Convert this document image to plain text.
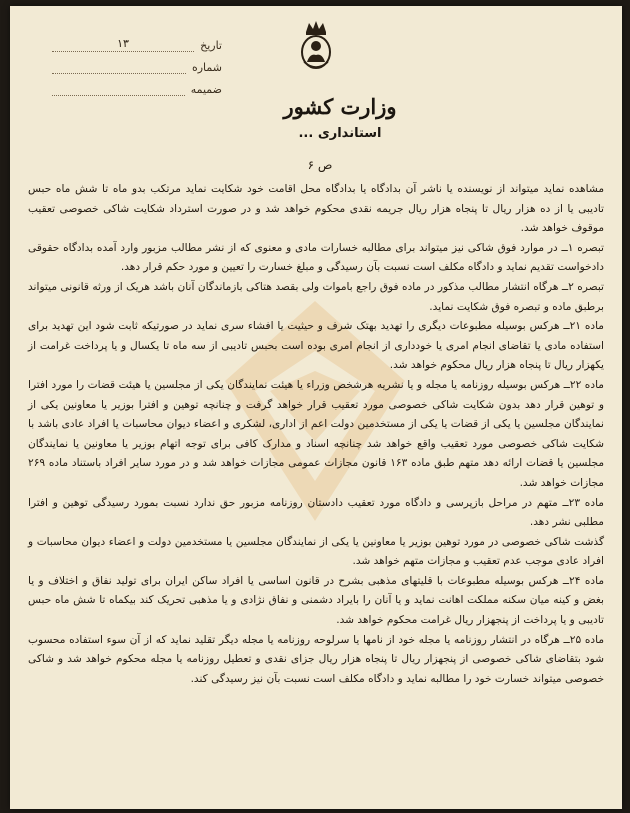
تاریخ
۱۳
شماره
ضمیمه
وزارت کشور
استانداری ...
ص ۶

مشاهده نماید میتواند از نویسنده یا ناشر آن بدادگاه یا بدادگاه محل اقامت خود شکایت نماید مرتکب بدو ماه تا شش ماه حبس تادیبی یا از ده هزار ریال تا پنجاه هزار ریال جریمه نقدی محکوم خواهد شد و در صورت استرداد شکایت شاکی خصوصی تعقیب موقوف خواهد شد.

تبصره ۱ــ در موارد فوق شاکی نیز میتواند برای مطالبه خسارات مادی و معنوی که از نشر مطالب مزبور وارد آمده بدادگاه حقوقی دادخواست تقدیم نماید و دادگاه مکلف است نسبت بآن رسیدگی و مبلغ خسارت را تعیین و مورد حکم قرار دهد.

تبصره ۲ــ هرگاه انتشار مطالب مذکور در ماده فوق راجع باموات ولی بقصد هتاکی بازماندگان آنان باشد هریک از ورثه قانونی میتواند برطبق ماده و تبصره فوق شکایت نماید.

ماده ۲۱ــ هرکس بوسیله مطبوعات دیگری را تهدید بهتک شرف و حیثیت یا افشاء سری نماید در صورتیکه ثابت شود این تهدید برای استفاده مادی یا تقاضای انجام امری یا خودداری از انجام امری بوده است بحبس تادیبی از سه ماه تا یکسال و یا پرداخت غرامت از یکهزار ریال تا پنجاه هزار ریال محکوم خواهد شد.

ماده ۲۲ــ هرکس بوسیله روزنامه یا مجله و یا نشریه هرشخص وزراء یا هیئت نمایندگان یکی از مجلسین یا هیئت قضات را مورد افترا و توهین قرار دهد بدون شکایت شاکی خصوصی مورد تعقیب قرار خواهد گرفت و چنانچه توهین و افترا بوزیر یا معاونین یکی از نمایندگان مجلسین یا یکی از قضات یا یکی از مستخدمین دولت اعم از اداری، لشکری و اعضاء دیوان محاسبات یا افراد عادی باشد با شکایت شاکی خصوصی مورد تعقیب واقع خواهد شد چنانچه اسناد و مدارک کافی برای توجه اتهام بوزیر یا معاونین یا نمایندگان مجلسین یا قضات ارائه دهد متهم طبق ماده ۱۶۳ قانون مجازات عمومی مجازات خواهد شد و در مورد سایر افراد باستناد ماده ۲۶۹ مجازات خواهد شد.

ماده ۲۳ــ متهم در مراحل بازپرسی و دادگاه مورد تعقیب دادستان روزنامه مزبور حق ندارد نسبت بمورد رسیدگی توهین و افترا مطلبی نشر دهد.

گذشت شاکی خصوصی در مورد توهین بوزیر یا معاونین یا یکی از نمایندگان مجلسین یا مستخدمین دولت و اعضاء دیوان محاسبات و افراد عادی موجب عدم تعقیب و مجازات متهم خواهد شد.

ماده ۲۴ــ هرکس بوسیله مطبوعات با قلیتهای مذهبی بشرح در قانون اساسی یا افراد ساکن ایران برای تولید نفاق و اختلاف و یا بغض و کینه میان سکنه مملکت اهانت نماید و یا آنان را بایراد دشمنی و نفاق نژادی و یا مذهبی تحریک کند بیکماه تا شش ماه حبس تادیبی و یا پرداخت از پنجهزار ریال غرامت محکوم خواهد شد.

ماده ۲۵ــ هرگاه در انتشار روزنامه یا مجله خود از نامها یا سرلوحه روزنامه یا مجله دیگر تقلید نماید که از آن سوء استفاده محسوب شود بتقاضای شاکی خصوصی از پنجهزار ریال تا پنجاه هزار ریال جزای نقدی و تعطیل روزنامه یا مجله محکوم خواهد شد و شاکی خصوصی میتواند خسارت خود را مطالبه نماید و دادگاه مکلف است نسبت بآن نیز رسیدگی کند.
